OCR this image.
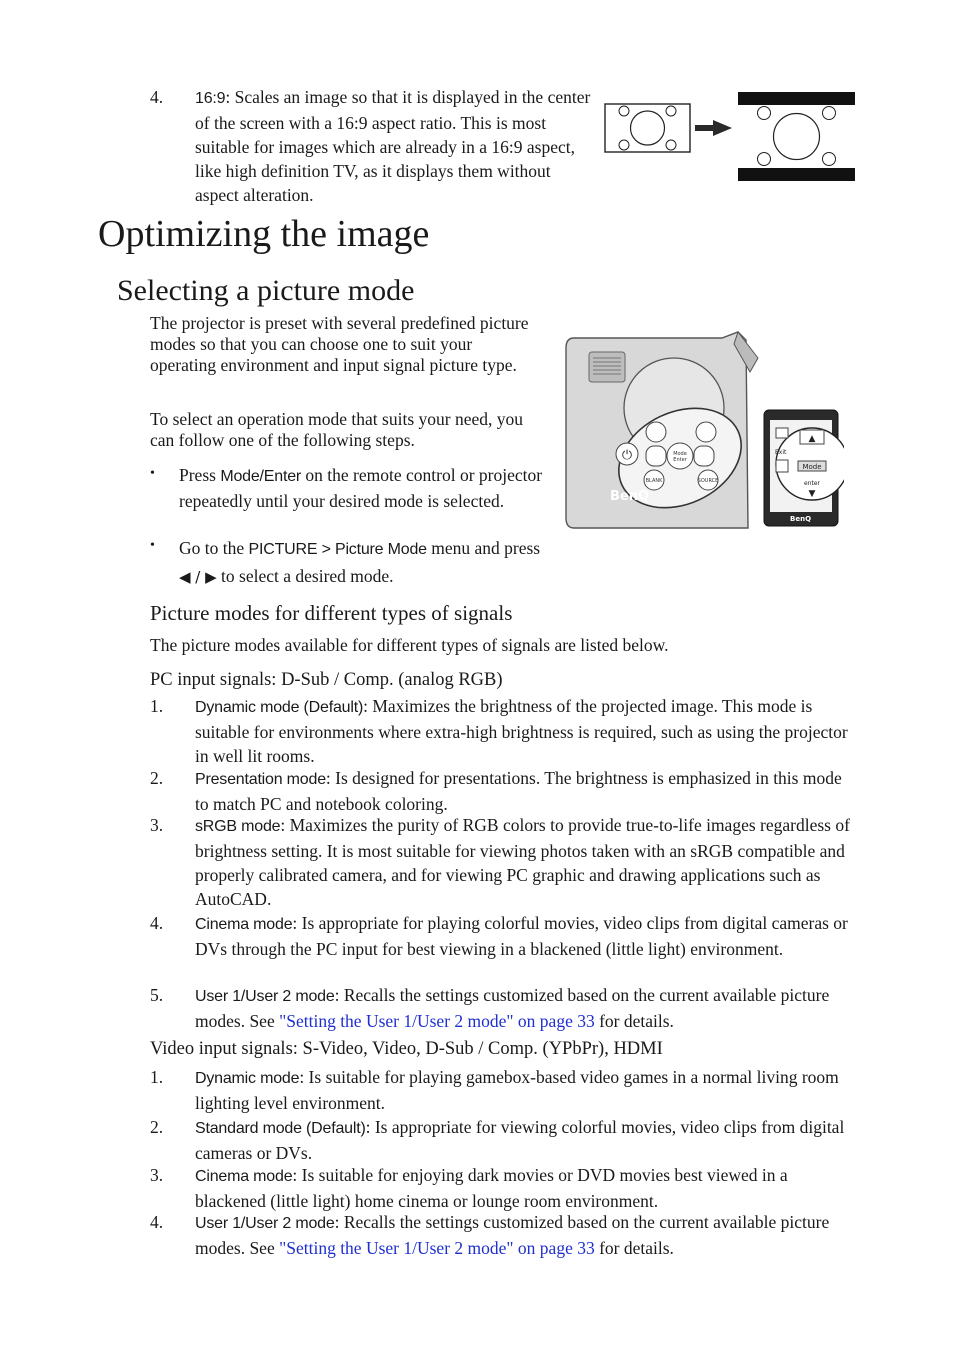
4. 16:9: Scales an image so that it is displayed in the center of the screen with a 16:9 aspect ratio. This is most suitable for images which are already in a 16:9 aspect, like high definition TV, as it displays them without aspect alteration.
Optimizing the image
Selecting a picture mode
The projector is preset with several predefined picture modes so that you can choose one to suit your operating environment and input signal picture type.
To select an operation mode that suits your need, you can follow one of the following steps.
• Press Mode/Enter on the remote control or projector repeatedly until your desired mode is selected.
• Go to the PICTURE > Picture Mode menu and press ◀ / ▶ to select a desired mode.
⏻	Mode
Enter
BLANK	SOURCE
BenQ
▲
Mode
enter
▼
Exit
BenQ
Picture modes for different types of signals
The picture modes available for different types of signals are listed below.
PC input signals: D-Sub / Comp. (analog RGB)
1. Dynamic mode (Default): Maximizes the brightness of the projected image. This mode is suitable for environments where extra-high brightness is required, such as using the projector in well lit rooms.
2. Presentation mode: Is designed for presentations. The brightness is emphasized in this mode to match PC and notebook coloring.
3. sRGB mode: Maximizes the purity of RGB colors to provide true-to-life images regardless of brightness setting. It is most suitable for viewing photos taken with an sRGB compatible and properly calibrated camera, and for viewing PC graphic and drawing applications such as AutoCAD.
4. Cinema mode: Is appropriate for playing colorful movies, video clips from digital cameras or DVs through the PC input for best viewing in a blackened (little light) environment.
5. User 1/User 2 mode: Recalls the settings customized based on the current available picture modes. See "Setting the User 1/User 2 mode" on page 33 for details.
Video input signals: S-Video, Video, D-Sub / Comp. (YPbPr), HDMI
1. Dynamic mode: Is suitable for playing gamebox-based video games in a normal living room lighting level environment.
2. Standard mode (Default): Is appropriate for viewing colorful movies, video clips from digital cameras or DVs.
3. Cinema mode: Is suitable for enjoying dark movies or DVD movies best viewed in a blackened (little light) home cinema or lounge room environment.
4. User 1/User 2 mode: Recalls the settings customized based on the current available picture modes. See "Setting the User 1/User 2 mode" on page 33 for details.
